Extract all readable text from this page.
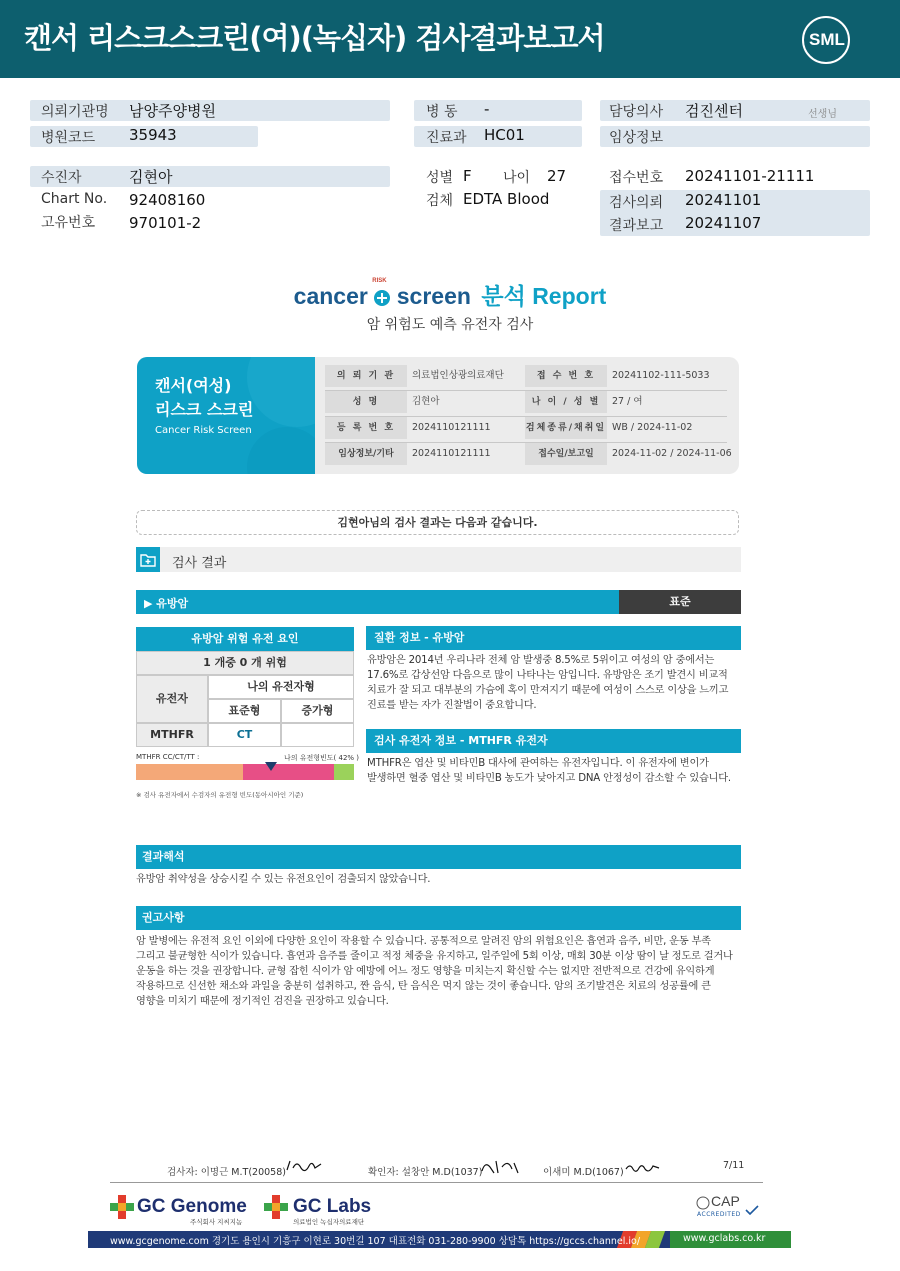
캔서 리스크스크린(여)(녹십자) 검사결과보고서	SML
의뢰기관명 남양주양병원
병원코드 35943
병 동 -
진료과 HC01
담당의사 검진센터	선생님
임상정보
수진자	김현아
Chart No. 92408160
고유번호 970101-2
성별 F 나이 27
검체 EDTA Blood
접수번호 20241101-21111
검사의뢰 20241101
결과보고 20241107
cancer
RISK
screen 분석 Report
암 위험도 예측 유전자 검사
캔서(여성)
리스크 스크린
Cancer Risk Screen
의 뢰 기 관	의료법인상광의료재단	접 수 번 호	20241102-111-5033
성 명	김현아	나 이 / 성 별	27 / 여
등 록 번 호	2024110121111	검체종류/채취일 WB / 2024-11-02
임상정보/기타	2024110121111	접수일/보고일	2024-11-02 / 2024-11-06
김현아님의 검사 결과는 다음과 같습니다.
검사 결과
▶ 유방암	표준
유방암 위험 유전 요인
1 개중 0 개 위험
유전자
나의 유전자형
표준형	증가형
MTHFR	CT
MTHFR CC/CT/TT :	나의 유전형빈도( 42% )
※ 검사 유전자에서 수검자의 유전형 빈도(동아시아인 기준)
질환 정보 - 유방암
유방암은 2014년 우리나라 전체 암 발생중 8.5%로 5위이고 여성의 암 중에서는
17.6%로 갑상선암 다음으로 많이 나타나는 암입니다. 유방암은 조기 발견시 비교적
치료가 잘 되고 대부분의 가슴에 혹이 만져지기 때문에 여성이 스스로 이상을 느끼고
진료를 받는 자가 진찰법이 중요합니다.
검사 유전자 정보 - MTHFR 유전자
MTHFR은 엽산 및 비타민B 대사에 관여하는 유전자입니다. 이 유전자에 변이가
발생하면 혈중 엽산 및 비타민B 농도가 낮아지고 DNA 안정성이 감소할 수 있습니다.
결과해석
유방암 취약성을 상승시킬 수 있는 유전요인이 검출되지 않았습니다.
권고사항
암 발병에는 유전적 요인 이외에 다양한 요인이 작용할 수 있습니다. 공통적으로 알려진 암의 위험요인은 흡연과 음주, 비만, 운동 부족
그리고 불균형한 식이가 있습니다. 흡연과 음주를 줄이고 적정 체중을 유지하고, 일주일에 5회 이상, 매회 30분 이상 땀이 날 정도로 걸거나
운동을 하는 것을 권장합니다. 균형 잡힌 식이가 암 예방에 어느 정도 영향을 미치는지 확신할 수는 없지만 전반적으로 건강에 유익하게
작용하므로 신선한 채소와 과일을 충분히 섭취하고, 짠 음식, 탄 음식은 먹지 않는 것이 좋습니다. 암의 조기발견은 치료의 성공률에 큰
영향을 미치기 때문에 정기적인 검진을 권장하고 있습니다.
검사자: 이명근 M.T(20058)	확인자: 설창안 M.D(1037)	이새미 M.D(1067)
7/11
GC Genome
주식회사 지씨지놈
GC Labs
의료법인 녹십자의료재단
CAP
ACCREDITED
www.gcgenome.com 경기도 용인시 기흥구 이현로 30번길 107 대표전화 031-280-9900 상담톡 https://gccs.channel.io/	www.gclabs.co.kr
